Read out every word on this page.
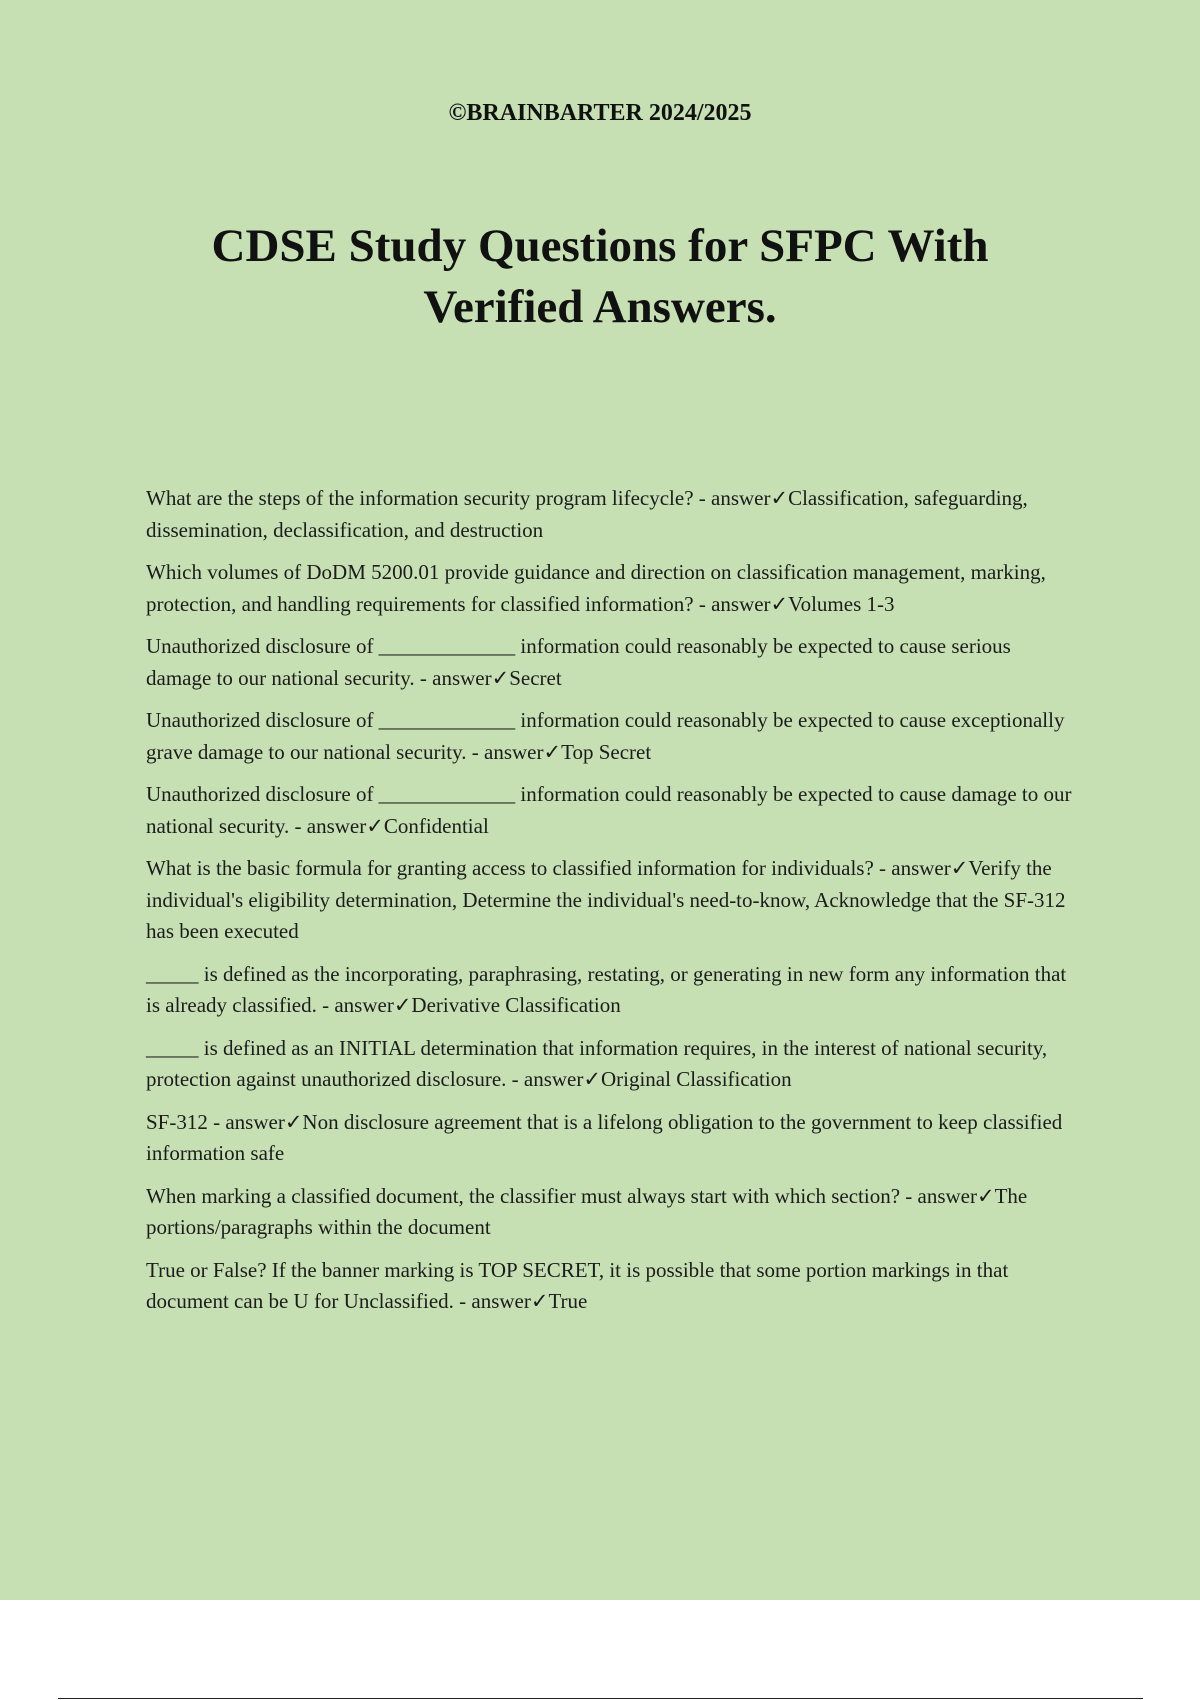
©BRAINBARTER 2024/2025
CDSE Study Questions for SFPC With Verified Answers.

What are the steps of the information security program lifecycle? - answer✓Classification, safeguarding, dissemination, declassification, and destruction

Which volumes of DoDM 5200.01 provide guidance and direction on classification management, marking, protection, and handling requirements for classified information? - answer✓Volumes 1-3

Unauthorized disclosure of _____________ information could reasonably be expected to cause serious damage to our national security. - answer✓Secret

Unauthorized disclosure of _____________ information could reasonably be expected to cause exceptionally grave damage to our national security. - answer✓Top Secret

Unauthorized disclosure of _____________ information could reasonably be expected to cause damage to our national security. - answer✓Confidential

What is the basic formula for granting access to classified information for individuals? - answer✓Verify the individual's eligibility determination, Determine the individual's need-to-know, Acknowledge that the SF-312 has been executed

_____ is defined as the incorporating, paraphrasing, restating, or generating in new form any information that is already classified. - answer✓Derivative Classification

_____ is defined as an INITIAL determination that information requires, in the interest of national security, protection against unauthorized disclosure. - answer✓Original Classification

SF-312 - answer✓Non disclosure agreement that is a lifelong obligation to the government to keep classified information safe

When marking a classified document, the classifier must always start with which section? - answer✓The portions/paragraphs within the document

True or False? If the banner marking is TOP SECRET, it is possible that some portion markings in that document can be U for Unclassified. - answer✓True
